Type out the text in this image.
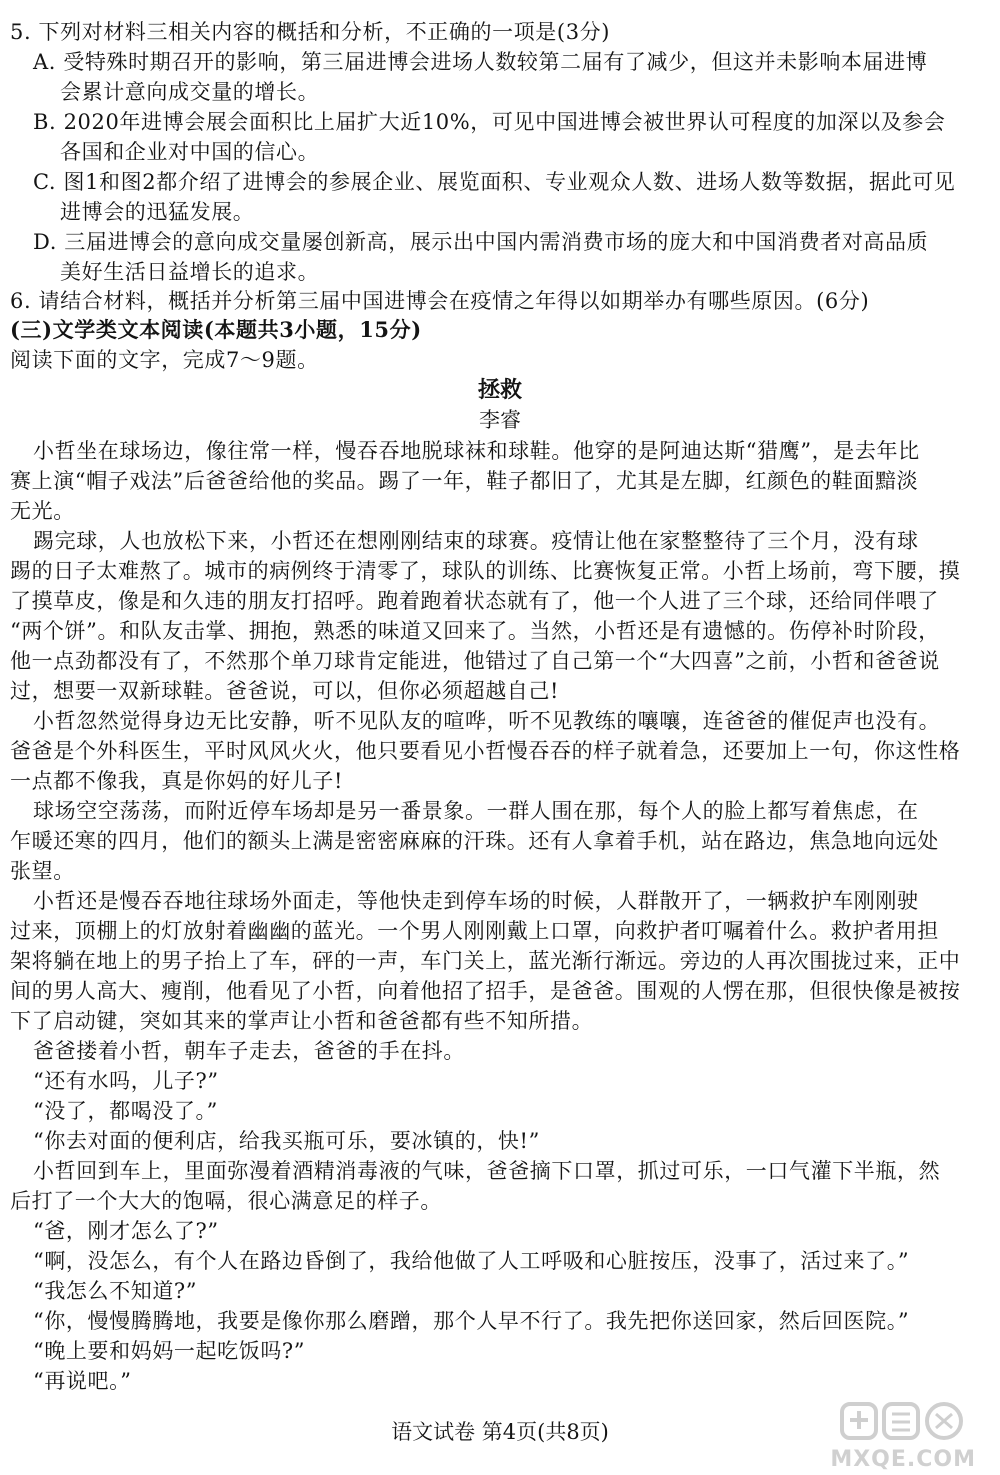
5. 下列对材料三相关内容的概括和分析，不正确的一项是(3分)
A. 受特殊时期召开的影响，第三届进博会进场人数较第二届有了减少，但这并未影响本届进博
会累计意向成交量的增长。
B. 2020年进博会展会面积比上届扩大近10%，可见中国进博会被世界认可程度的加深以及参会
各国和企业对中国的信心。
C. 图1和图2都介绍了进博会的参展企业、展览面积、专业观众人数、进场人数等数据，据此可见
进博会的迅猛发展。
D. 三届进博会的意向成交量屡创新高，展示出中国内需消费市场的庞大和中国消费者对高品质
美好生活日益增长的追求。
6. 请结合材料，概括并分析第三届中国进博会在疫情之年得以如期举办有哪些原因。(6分)
(三)文学类文本阅读(本题共3小题，15分)
阅读下面的文字，完成7～9题。
拯救
李睿
小哲坐在球场边，像往常一样，慢吞吞地脱球袜和球鞋。他穿的是阿迪达斯“猎鹰”，是去年比
赛上演“帽子戏法”后爸爸给他的奖品。踢了一年，鞋子都旧了，尤其是左脚，红颜色的鞋面黯淡
无光。
踢完球，人也放松下来，小哲还在想刚刚结束的球赛。疫情让他在家整整待了三个月，没有球
踢的日子太难熬了。城市的病例终于清零了，球队的训练、比赛恢复正常。小哲上场前，弯下腰，摸
了摸草皮，像是和久违的朋友打招呼。跑着跑着状态就有了，他一个人进了三个球，还给同伴喂了
“两个饼”。和队友击掌、拥抱，熟悉的味道又回来了。当然，小哲还是有遗憾的。伤停补时阶段，
他一点劲都没有了，不然那个单刀球肯定能进，他错过了自己第一个“大四喜”之前，小哲和爸爸说
过，想要一双新球鞋。爸爸说，可以，但你必须超越自己!
小哲忽然觉得身边无比安静，听不见队友的喧哗，听不见教练的嚷嚷，连爸爸的催促声也没有。
爸爸是个外科医生，平时风风火火，他只要看见小哲慢吞吞的样子就着急，还要加上一句，你这性格
一点都不像我，真是你妈的好儿子!
球场空空荡荡，而附近停车场却是另一番景象。一群人围在那，每个人的脸上都写着焦虑，在
乍暖还寒的四月，他们的额头上满是密密麻麻的汗珠。还有人拿着手机，站在路边，焦急地向远处
张望。
小哲还是慢吞吞地往球场外面走，等他快走到停车场的时候，人群散开了，一辆救护车刚刚驶
过来，顶棚上的灯放射着幽幽的蓝光。一个男人刚刚戴上口罩，向救护者叮嘱着什么。救护者用担
架将躺在地上的男子抬上了车，砰的一声，车门关上，蓝光渐行渐远。旁边的人再次围拢过来，正中
间的男人高大、瘦削，他看见了小哲，向着他招了招手，是爸爸。围观的人愣在那，但很快像是被按
下了启动键，突如其来的掌声让小哲和爸爸都有些不知所措。
爸爸搂着小哲，朝车子走去，爸爸的手在抖。
“还有水吗，儿子?”
“没了，都喝没了。”
“你去对面的便利店，给我买瓶可乐，要冰镇的，快!”
小哲回到车上，里面弥漫着酒精消毒液的气味，爸爸摘下口罩，抓过可乐，一口气灌下半瓶，然
后打了一个大大的饱嗝，很心满意足的样子。
“爸，刚才怎么了?”
“啊，没怎么，有个人在路边昏倒了，我给他做了人工呼吸和心脏按压，没事了，活过来了。”
“我怎么不知道?”
“你，慢慢腾腾地，我要是像你那么磨蹭，那个人早不行了。我先把你送回家，然后回医院。”
“晚上要和妈妈一起吃饭吗?”
“再说吧。”
语文试卷 第4页(共8页)
MXQE.COM
